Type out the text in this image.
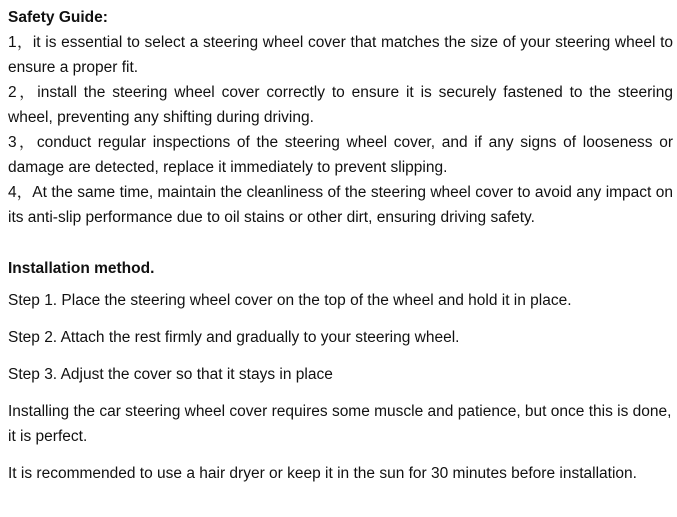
Safety Guide:

1，it is essential to select a steering wheel cover that matches the size of your steering wheel to ensure a proper fit.

2，install the steering wheel cover correctly to ensure it is securely fastened to the steering wheel, preventing any shifting during driving.

3，conduct regular inspections of the steering wheel cover, and if any signs of looseness or damage are detected, replace it immediately to prevent slipping.

4，At the same time, maintain the cleanliness of the steering wheel cover to avoid any impact on its anti-slip performance due to oil stains or other dirt, ensuring driving safety.

Installation method.

Step 1. Place the steering wheel cover on the top of the wheel and hold it in place.

Step 2. Attach the rest firmly and gradually to your steering wheel.

Step 3. Adjust the cover so that it stays in place

Installing the car steering wheel cover requires some muscle and patience, but once this is done, it is perfect.

It is recommended to use a hair dryer or keep it in the sun for 30 minutes before installation.
